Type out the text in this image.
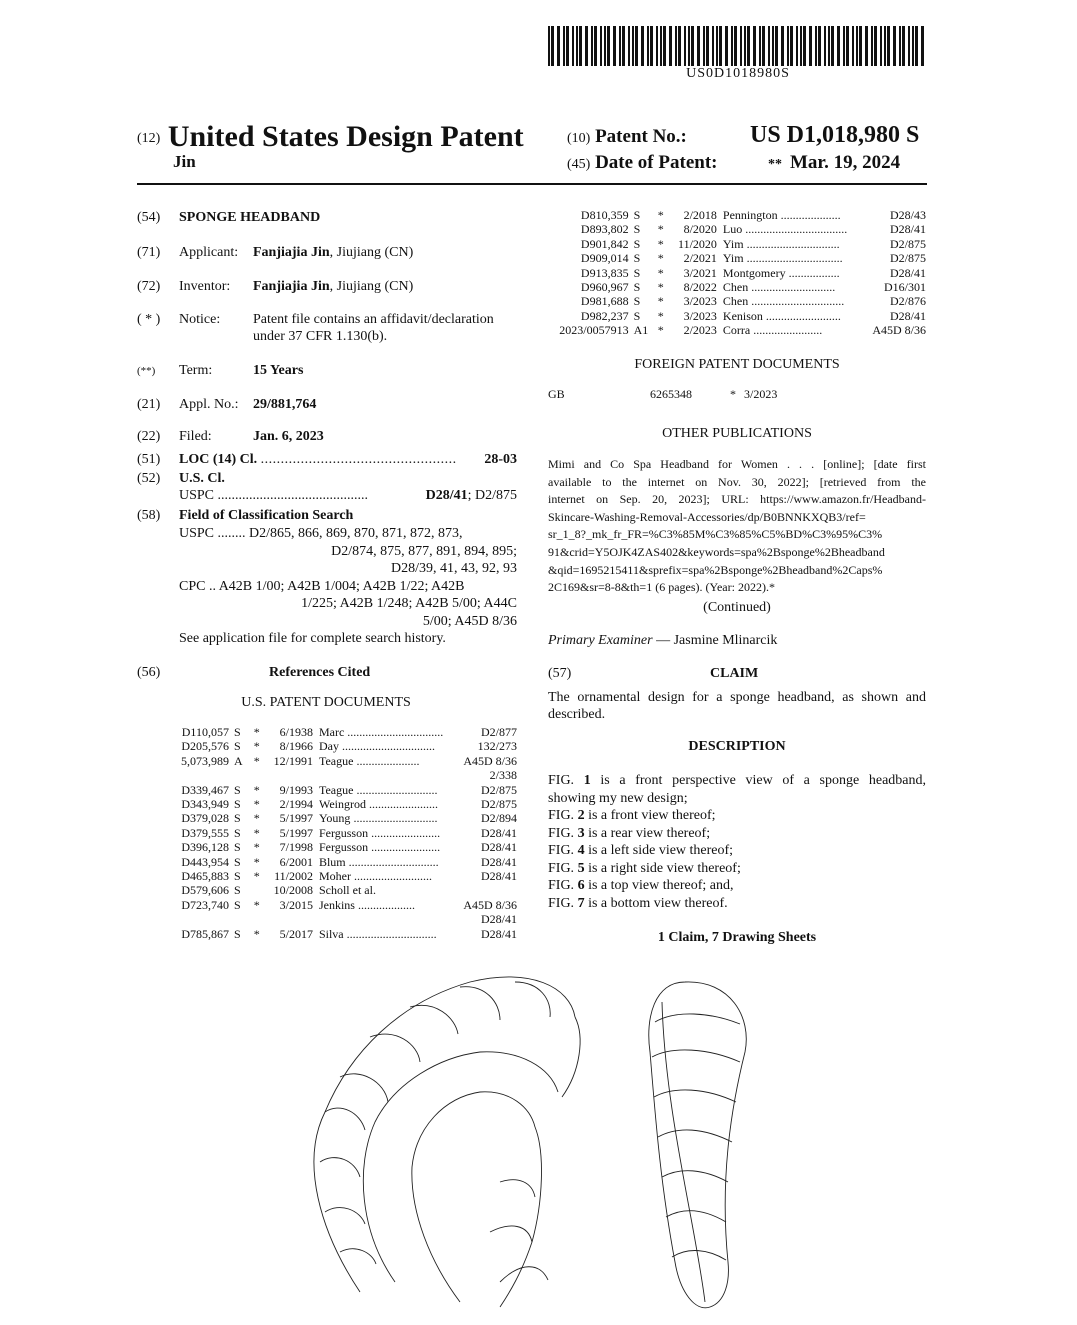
US0D1018980S
(12) United States Design Patent
Jin
(10) Patent No.:	US D1,018,980 S
(45) Date of Patent:	** Mar. 19, 2024
(54) SPONGE HEADBAND
(71) Applicant: Fanjiajia Jin, Jiujiang (CN)
(72) Inventor: Fanjiajia Jin, Jiujiang (CN)
( * ) Notice: Patent file contains an affidavit/declaration
under 37 CFR 1.130(b).
(**) Term:	15 Years
(21) Appl. No.: 29/881,764
(22) Filed:	Jan. 6, 2023
(51) LOC (14) Cl. ................................................. 28-03
(52) U.S. Cl.
USPC ...........................................	D28/41; D2/875
(58) Field of Classification Search
USPC ........ D2/865, 866, 869, 870, 871, 872, 873,
D2/874, 875, 877, 891, 894, 895;
D28/39, 41, 43, 92, 93
CPC .. A42B 1/00; A42B 1/004; A42B 1/22; A42B
1/225; A42B 1/248; A42B 5/00; A44C
5/00; A45D 8/36
See application file for complete search history.
(56)	References Cited
U.S. PATENT DOCUMENTS
D110,057	S	*	6/1938	Marc ................................	D2/877
D205,576	S	*	8/1966	Day ...............................	132/273
5,073,989	A	*	12/1991	Teague .....................	A45D 8/36
					2/338
D339,467	S	*	9/1993	Teague ...........................	D2/875
D343,949	S	*	2/1994	Weingrod .......................	D2/875
D379,028	S	*	5/1997	Young ............................	D2/894
D379,555	S	*	5/1997	Fergusson .......................	D28/41
D396,128	S	*	7/1998	Fergusson .......................	D28/41
D443,954	S	*	6/2001	Blum ..............................	D28/41
D465,883	S	*	11/2002	Moher ..........................	D28/41
D579,606	S		10/2008	Scholl et al.	
D723,740	S	*	3/2015	Jenkins ...................	A45D 8/36
					D28/41
D785,867	S	*	5/2017	Silva ..............................	D28/41
D810,359	S	*	2/2018	Pennington ....................	D28/43
D893,802	S	*	8/2020	Luo ..................................	D28/41
D901,842	S	*	11/2020	Yim ...............................	D2/875
D909,014	S	*	2/2021	Yim ................................	D2/875
D913,835	S	*	3/2021	Montgomery .................	D28/41
D960,967	S	*	8/2022	Chen ............................	D16/301
D981,688	S	*	3/2023	Chen ...............................	D2/876
D982,237	S	*	3/2023	Kenison .........................	D28/41
2023/0057913	A1	*	2/2023	Corra .......................	A45D 8/36
FOREIGN PATENT DOCUMENTS
GB	6265348	* 3/2023
OTHER PUBLICATIONS
Mimi and Co Spa Headband for Women . . . [online]; [date first
available to the internet on Nov. 30, 2022]; [retrieved from the
internet on Sep. 20, 2023]; URL: https://www.amazon.fr/Headband-
Skincare-Washing-Removal-Accessories/dp/B0BNNKXQB3/ref=
sr_1_8?_mk_fr_FR=%C3%85M%C3%85%C5%BD%C3%95%C3%
91&crid=Y5OJK4ZAS402&keywords=spa%2Bsponge%2Bheadband
&qid=1695215411&sprefix=spa%2Bsponge%2Bheadband%2Caps%
2C169&sr=8-8&th=1 (6 pages). (Year: 2022).*
(Continued)
Primary Examiner — Jasmine Mlinarcik
(57)	CLAIM
The ornamental design for a sponge headband, as shown and
described.
DESCRIPTION
FIG. 1 is a front perspective view of a sponge headband,
showing my new design;
FIG. 2 is a front view thereof;
FIG. 3 is a rear view thereof;
FIG. 4 is a left side view thereof;
FIG. 5 is a right side view thereof;
FIG. 6 is a top view thereof; and,
FIG. 7 is a bottom view thereof.
1 Claim, 7 Drawing Sheets
